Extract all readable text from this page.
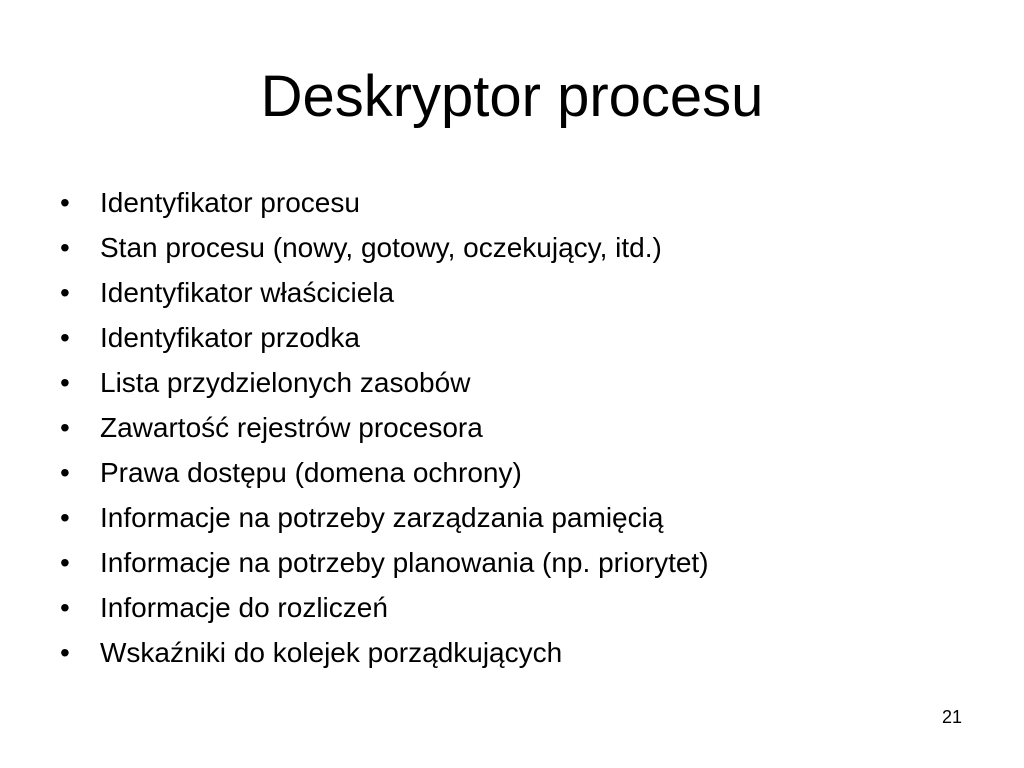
Deskryptor procesu
•	Identyfikator procesu
•	Stan procesu (nowy, gotowy, oczekujący, itd.)
•	Identyfikator właściciela
•	Identyfikator przodka
•	Lista przydzielonych zasobów
•	Zawartość rejestrów procesora
•	Prawa dostępu (domena ochrony)
•	Informacje na potrzeby zarządzania pamięcią
•	Informacje na potrzeby planowania (np. priorytet)
•	Informacje do rozliczeń
•	Wskaźniki do kolejek porządkujących
21
